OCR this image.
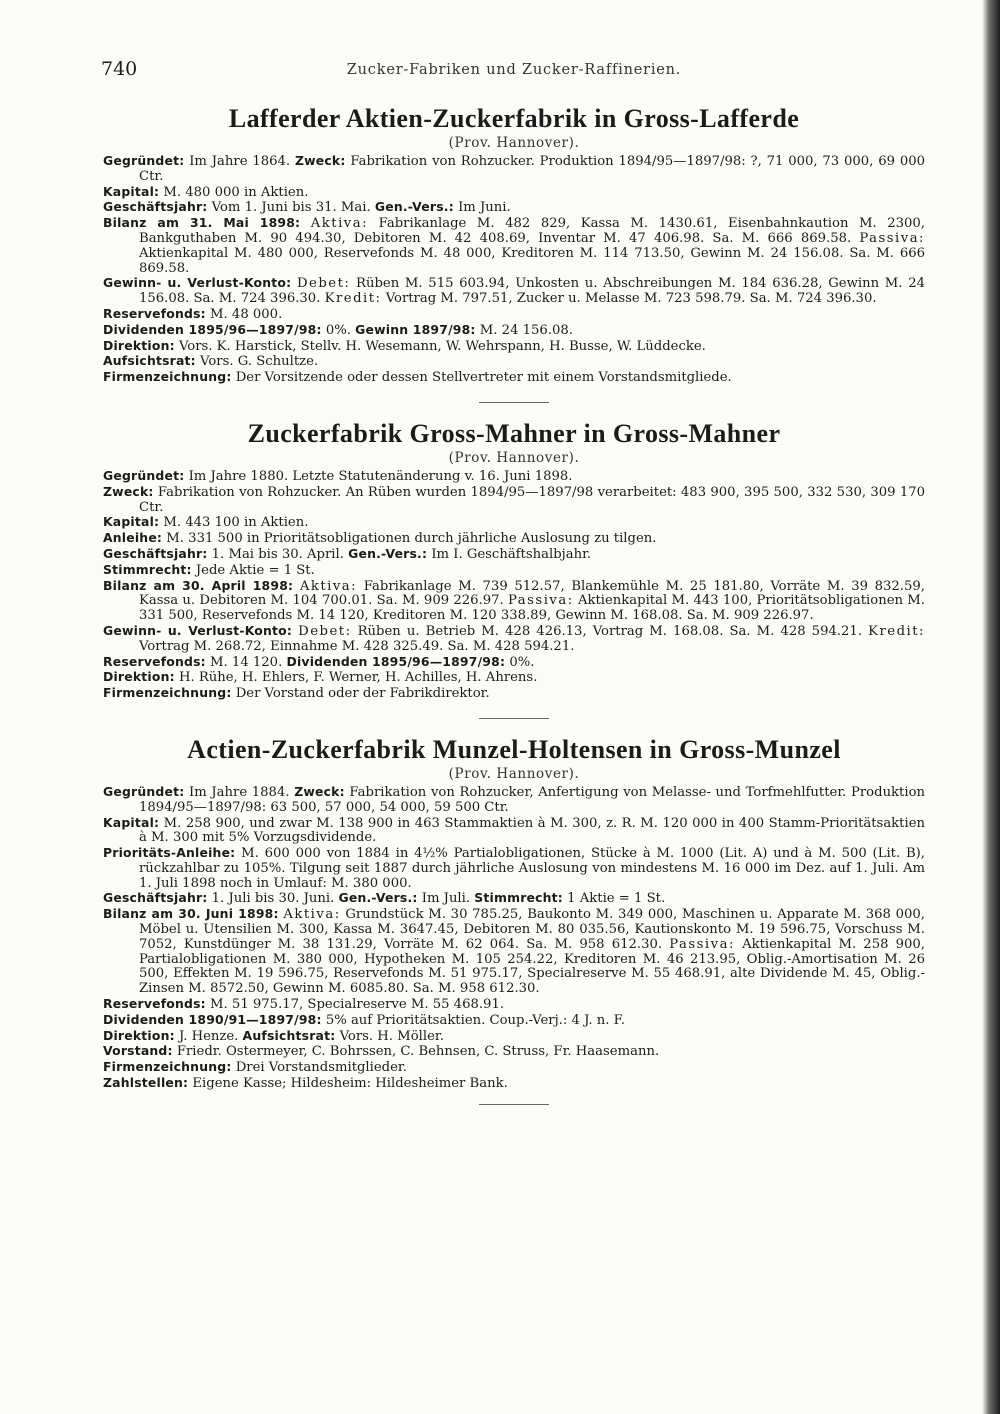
740	Zucker-Fabriken und Zucker-Raffinerien.
Lafferder Aktien-Zuckerfabrik in Gross-Lafferde
(Prov. Hannover).

Gegründet: Im Jahre 1864. Zweck: Fabrikation von Rohzucker. Produktion 1894/95—1897/98: ?, 71 000, 73 000, 69 000 Ctr.

Kapital: M. 480 000 in Aktien.

Geschäftsjahr: Vom 1. Juni bis 31. Mai. Gen.-Vers.: Im Juni.

Bilanz am 31. Mai 1898: Aktiva: Fabrikanlage M. 482 829, Kassa M. 1430.61, Eisenbahnkaution M. 2300, Bankguthaben M. 90 494.30, Debitoren M. 42 408.69, Inventar M. 47 406.98. Sa. M. 666 869.58. Passiva: Aktienkapital M. 480 000, Reservefonds M. 48 000, Kreditoren M. 114 713.50, Gewinn M. 24 156.08. Sa. M. 666 869.58.

Gewinn- u. Verlust-Konto: Debet: Rüben M. 515 603.94, Unkosten u. Abschreibungen M. 184 636.28, Gewinn M. 24 156.08. Sa. M. 724 396.30. Kredit: Vortrag M. 797.51, Zucker u. Melasse M. 723 598.79. Sa. M. 724 396.30.

Reservefonds: M. 48 000.

Dividenden 1895/96—1897/98: 0%. Gewinn 1897/98: M. 24 156.08.

Direktion: Vors. K. Harstick, Stellv. H. Wesemann, W. Wehrspann, H. Busse, W. Lüddecke.

Aufsichtsrat: Vors. G. Schultze.

Firmenzeichnung: Der Vorsitzende oder dessen Stellvertreter mit einem Vorstandsmitgliede.

Zuckerfabrik Gross-Mahner in Gross-Mahner
(Prov. Hannover).

Gegründet: Im Jahre 1880. Letzte Statutenänderung v. 16. Juni 1898.

Zweck: Fabrikation von Rohzucker. An Rüben wurden 1894/95—1897/98 verarbeitet: 483 900, 395 500, 332 530, 309 170 Ctr.

Kapital: M. 443 100 in Aktien.

Anleihe: M. 331 500 in Prioritätsobligationen durch jährliche Auslosung zu tilgen.

Geschäftsjahr: 1. Mai bis 30. April. Gen.-Vers.: Im I. Geschäftshalbjahr.

Stimmrecht: Jede Aktie = 1 St.

Bilanz am 30. April 1898: Aktiva: Fabrikanlage M. 739 512.57, Blankemühle M. 25 181.80, Vorräte M. 39 832.59, Kassa u. Debitoren M. 104 700.01. Sa. M. 909 226.97. Passiva: Aktienkapital M. 443 100, Prioritätsobligationen M. 331 500, Reservefonds M. 14 120, Kreditoren M. 120 338.89, Gewinn M. 168.08. Sa. M. 909 226.97.

Gewinn- u. Verlust-Konto: Debet: Rüben u. Betrieb M. 428 426.13, Vortrag M. 168.08. Sa. M. 428 594.21. Kredit: Vortrag M. 268.72, Einnahme M. 428 325.49. Sa. M. 428 594.21.

Reservefonds: M. 14 120. Dividenden 1895/96—1897/98: 0%.

Direktion: H. Rühe, H. Ehlers, F. Werner, H. Achilles, H. Ahrens.

Firmenzeichnung: Der Vorstand oder der Fabrikdirektor.

Actien-Zuckerfabrik Munzel-Holtensen in Gross-Munzel
(Prov. Hannover).

Gegründet: Im Jahre 1884. Zweck: Fabrikation von Rohzucker, Anfertigung von Melasse- und Torfmehlfutter. Produktion 1894/95—1897/98: 63 500, 57 000, 54 000, 59 500 Ctr.

Kapital: M. 258 900, und zwar M. 138 900 in 463 Stammaktien à M. 300, z. R. M. 120 000 in 400 Stamm-Prioritätsaktien à M. 300 mit 5% Vorzugsdividende.

Prioritäts-Anleihe: M. 600 000 von 1884 in 4½% Partialobligationen, Stücke à M. 1000 (Lit. A) und à M. 500 (Lit. B), rückzahlbar zu 105%. Tilgung seit 1887 durch jährliche Auslosung von mindestens M. 16 000 im Dez. auf 1. Juli. Am 1. Juli 1898 noch in Umlauf: M. 380 000.

Geschäftsjahr: 1. Juli bis 30. Juni. Gen.-Vers.: Im Juli. Stimmrecht: 1 Aktie = 1 St.

Bilanz am 30. Juni 1898: Aktiva: Grundstück M. 30 785.25, Baukonto M. 349 000, Maschinen u. Apparate M. 368 000, Möbel u. Utensilien M. 300, Kassa M. 3647.45, Debitoren M. 80 035.56, Kautionskonto M. 19 596.75, Vorschuss M. 7052, Kunstdünger M. 38 131.29, Vorräte M. 62 064. Sa. M. 958 612.30. Passiva: Aktienkapital M. 258 900, Partialobligationen M. 380 000, Hypotheken M. 105 254.22, Kreditoren M. 46 213.95, Oblig.-Amortisation M. 26 500, Effekten M. 19 596.75, Reservefonds M. 51 975.17, Specialreserve M. 55 468.91, alte Dividende M. 45, Oblig.-Zinsen M. 8572.50, Gewinn M. 6085.80. Sa. M. 958 612.30.

Reservefonds: M. 51 975.17, Specialreserve M. 55 468.91.

Dividenden 1890/91—1897/98: 5% auf Prioritätsaktien. Coup.-Verj.: 4 J. n. F.

Direktion: J. Henze. Aufsichtsrat: Vors. H. Möller.

Vorstand: Friedr. Ostermeyer, C. Bohrssen, C. Behnsen, C. Struss, Fr. Haasemann.

Firmenzeichnung: Drei Vorstandsmitglieder.

Zahlstellen: Eigene Kasse; Hildesheim: Hildesheimer Bank.
